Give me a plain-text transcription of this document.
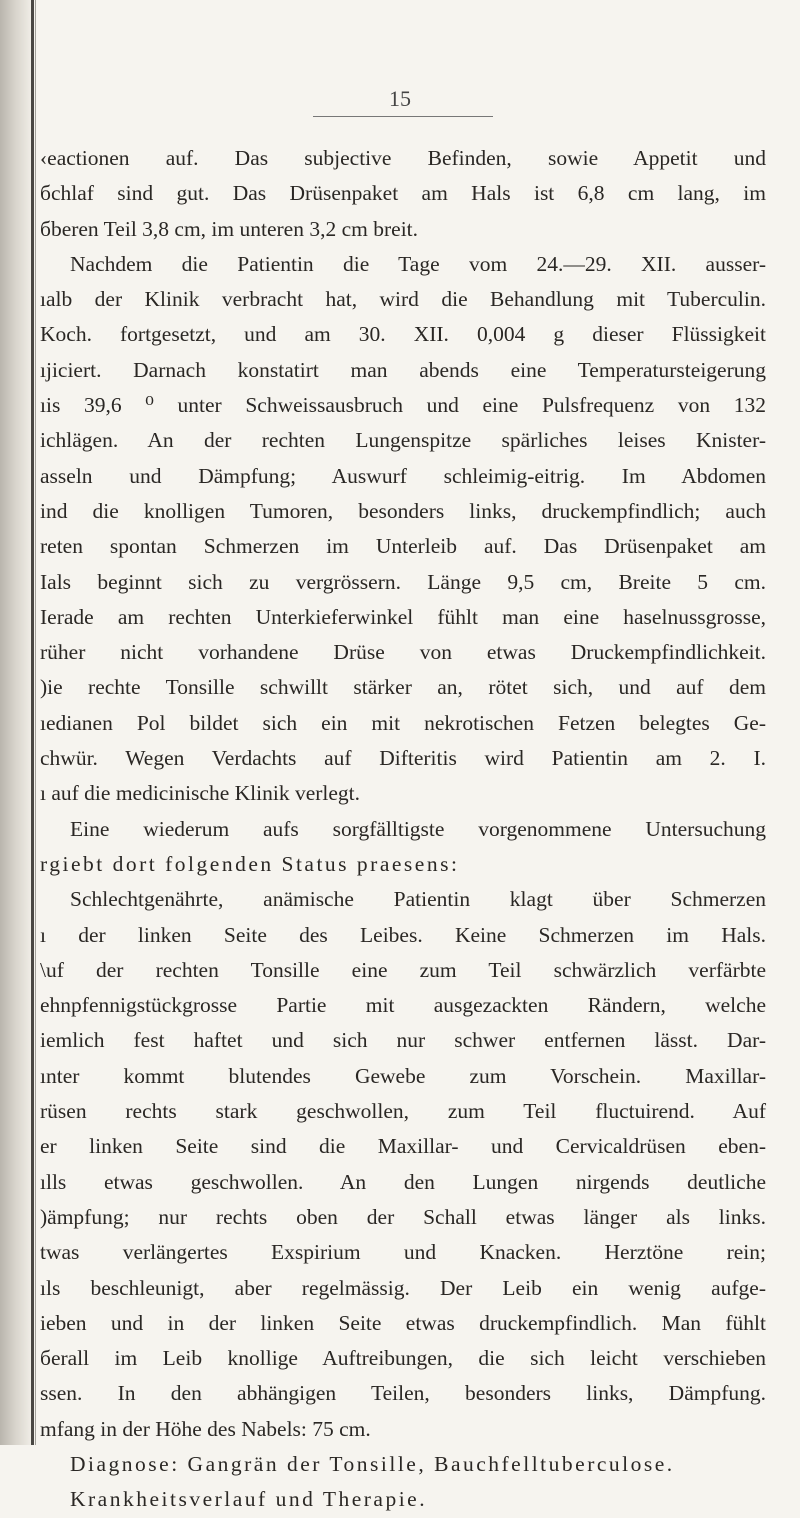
15
‹eactionen auf. Das subjective Befinden, sowie Appetit und
бchlaf sind gut. Das Drüsenpaket am Hals ist 6,8 cm lang, im
бberen Teil 3,8 cm, im unteren 3,2 cm breit.
Nachdem die Patientin die Tage vom 24.—29. XII. ausser-
ıalb der Klinik verbracht hat, wird die Behandlung mit Tuberculin.
Koch. fortgesetzt, und am 30. XII. 0,004 g dieser Flüssigkeit
ıjiciert. Darnach konstatirt man abends eine Temperatursteigerung
ıis 39,6 ⁰ unter Schweissausbruch und eine Pulsfrequenz von 132
ichlägen. An der rechten Lungenspitze spärliches leises Knister-
asseln und Dämpfung; Auswurf schleimig-eitrig. Im Abdomen
ind die knolligen Tumoren, besonders links, druckempfindlich; auch
reten spontan Schmerzen im Unterleib auf. Das Drüsenpaket am
Ials beginnt sich zu vergrössern. Länge 9,5 cm, Breite 5 cm.
Ierade am rechten Unterkieferwinkel fühlt man eine haselnussgrosse,
rüher nicht vorhandene Drüse von etwas Druckempfindlichkeit.
)ie rechte Tonsille schwillt stärker an, rötet sich, und auf dem
ıedianen Pol bildet sich ein mit nekrotischen Fetzen belegtes Ge-
chwür. Wegen Verdachts auf Difteritis wird Patientin am 2. I.
ı auf die medicinische Klinik verlegt.
Eine wiederum aufs sorgfälltigste vorgenommene Untersuchung
rgiebt dort folgenden Status praesens:
Schlechtgenährte, anämische Patientin klagt über Schmerzen
ı der linken Seite des Leibes. Keine Schmerzen im Hals.
\uf der rechten Tonsille eine zum Teil schwärzlich verfärbte
ehnpfennigstückgrosse Partie mit ausgezackten Rändern, welche
iemlich fest haftet und sich nur schwer entfernen lässt. Dar-
ınter kommt blutendes Gewebe zum Vorschein. Maxillar-
rüsen rechts stark geschwollen, zum Teil fluctuirend. Auf
er linken Seite sind die Maxillar- und Cervicaldrüsen eben-
ılls etwas geschwollen. An den Lungen nirgends deutliche
)ämpfung; nur rechts oben der Schall etwas länger als links.
twas verlängertes Exspirium und Knacken. Herztöne rein;
ıls beschleunigt, aber regelmässig. Der Leib ein wenig aufge-
ieben und in der linken Seite etwas druckempfindlich. Man fühlt
бerall im Leib knollige Auftreibungen, die sich leicht verschieben
ssen. In den abhängigen Teilen, besonders links, Dämpfung.
mfang in der Höhe des Nabels: 75 cm.
Diagnose: Gangrän der Tonsille, Bauchfelltuberculose.
Krankheitsverlauf und Therapie.
